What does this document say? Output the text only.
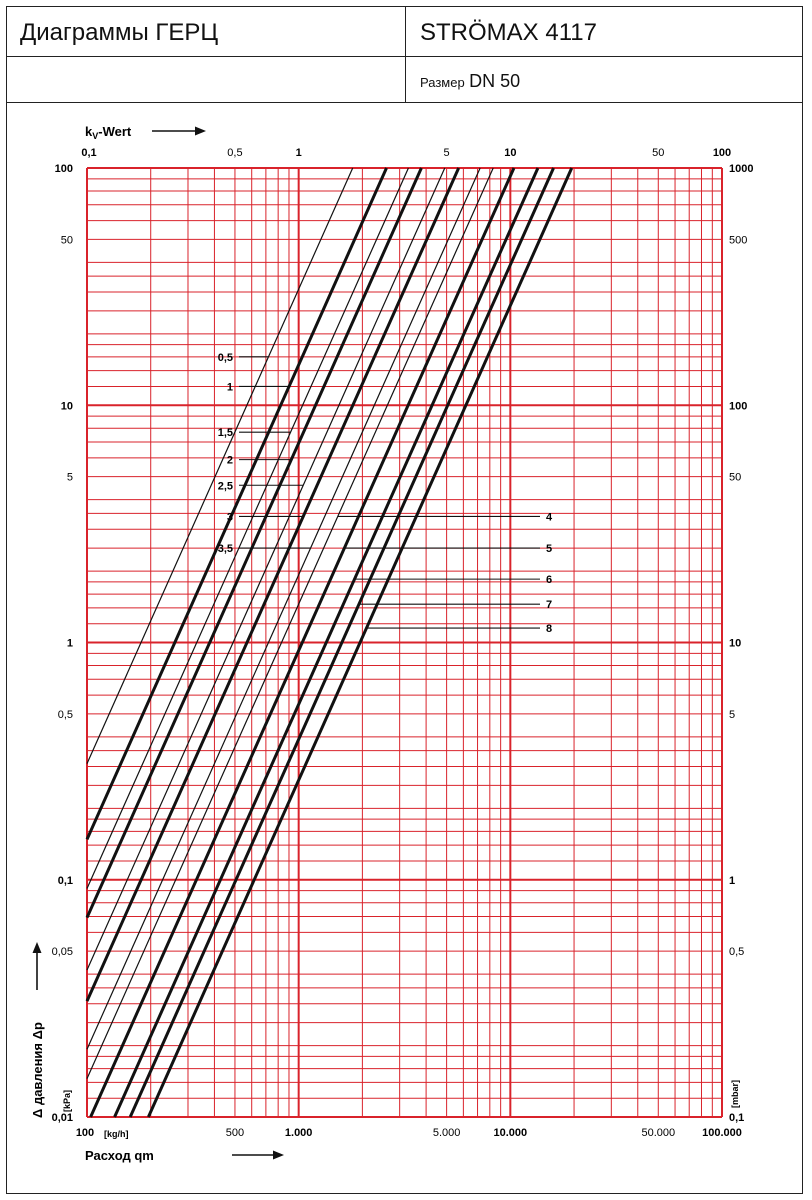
Диаграммы ГЕРЦ	STRÖMAX 4117
Размер DN 50
0,5
1
1,5
2
2,5
3
3,5
4
5
6
7
8
100	500	1.000	5.000	10.000	50.000 100.000
0,1	0,5	1	5	10	50	100
0,01
0,05
0,1
0,5
1
5
10
50
100
0,1
0,5
1
5
10
50
100
500
1000
$k_V$-Wert
Расход qm
[kg/h]
Δ давления Δp [kPa]	[mbar]
